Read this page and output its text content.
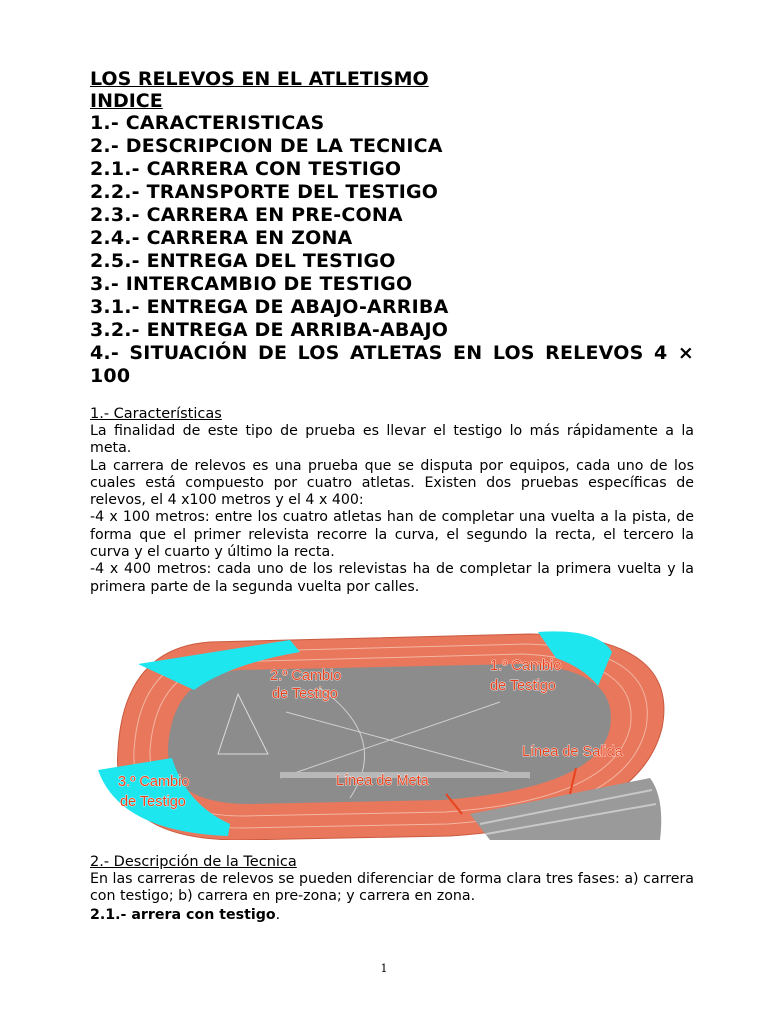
LOS RELEVOS EN EL ATLETISMO

INDICE

1.- CARACTERISTICAS
2.- DESCRIPCION DE LA TECNICA
2.1.- CARRERA CON TESTIGO
2.2.- TRANSPORTE DEL TESTIGO
2.3.- CARRERA EN PRE-CONA
2.4.- CARRERA EN ZONA
2.5.- ENTREGA DEL TESTIGO
3.- INTERCAMBIO DE TESTIGO
3.1.- ENTREGA DE ABAJO-ARRIBA
3.2.- ENTREGA DE ARRIBA-ABAJO
4.- SITUACIÓN DE LOS ATLETAS EN LOS RELEVOS 4 × 100

1.- Características

La finalidad de este tipo de prueba es llevar el testigo lo más rápidamente a la meta.

La carrera de relevos es una prueba que se disputa por equipos, cada uno de los cuales está compuesto por cuatro atletas. Existen dos pruebas específicas de relevos, el 4 x100 metros y el 4 x 400:

-4 x 100 metros: entre los cuatro atletas han de completar una vuelta a la pista, de forma que el primer relevista recorre la curva, el segundo la recta, el tercero la curva y el cuarto y último la recta.

-4 x 400 metros: cada uno de los relevistas ha de completar la primera vuelta y la primera parte de la segunda vuelta por calles.

2.º Cambio
de Testigo
1.º Cambio
de Testigo
Línea de Salida
Línea de Meta
3.º Cambio
de Testigo

2.- Descripción de la Tecnica

En las carreras de relevos se pueden diferenciar de forma clara tres fases: a) carrera con testigo; b) carrera en pre-zona; y carrera en zona.

2.1.- arrera con testigo.

1
